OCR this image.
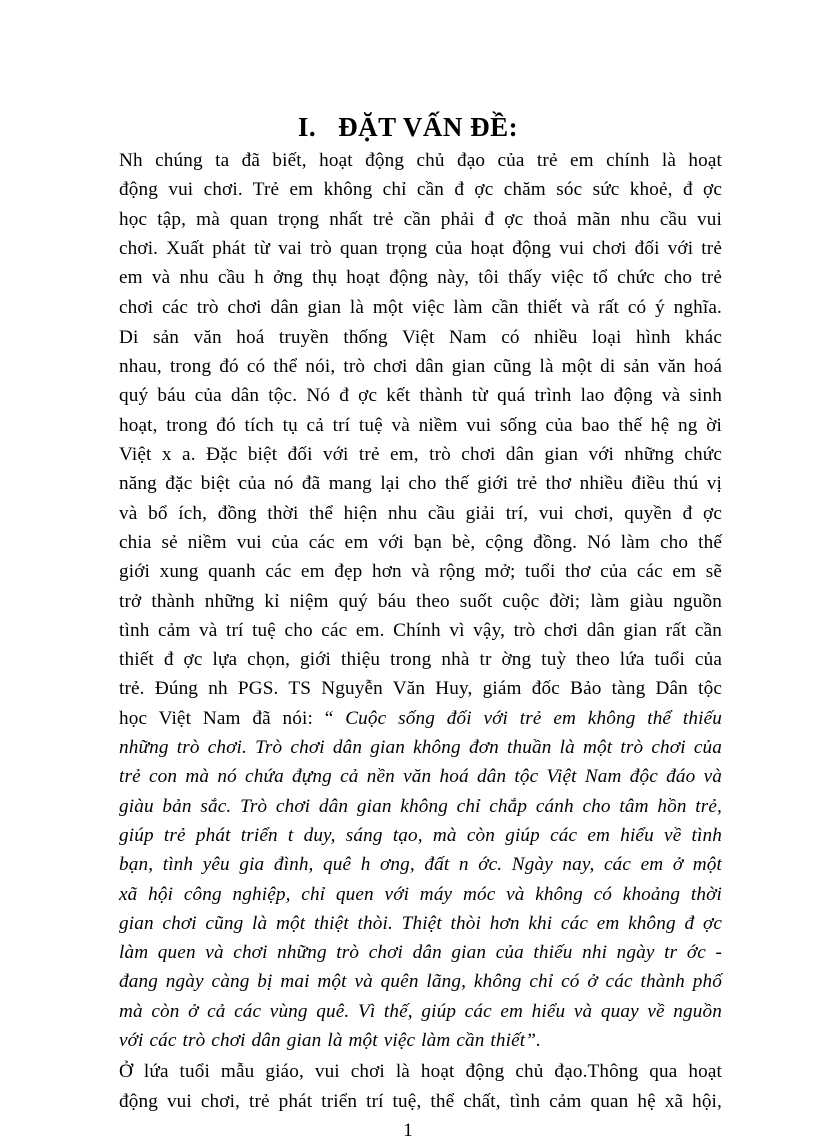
I. ĐẶT VẤN ĐỀ:
Nh chúng ta đã biết, hoạt động chủ đạo của trẻ em chính là hoạt
động vui chơi. Trẻ em không chỉ cần đ ợc chăm sóc sức khoẻ, đ ợc
học tập, mà quan trọng nhất trẻ cần phải đ ợc thoả mãn nhu cầu vui
chơi. Xuất phát từ vai trò quan trọng của hoạt động vui chơi đối với trẻ
em và nhu cầu h ởng thụ hoạt động này, tôi thấy việc tổ chức cho trẻ
chơi các trò chơi dân gian là một việc làm cần thiết và rất có ý nghĩa.
Di sản văn hoá truyền thống Việt Nam có nhiều loại hình khác
nhau, trong đó có thể nói, trò chơi dân gian cũng là một di sản văn hoá
quý báu của dân tộc. Nó đ ợc kết thành từ quá trình lao động và sinh
hoạt, trong đó tích tụ cả trí tuệ và niềm vui sống của bao thế hệ ng ời
Việt x a. Đặc biệt đối với trẻ em, trò chơi dân gian với những chức
năng đặc biệt của nó đã mang lại cho thế giới trẻ thơ nhiều điều thú vị
và bổ ích, đồng thời thể hiện nhu cầu giải trí, vui chơi, quyền đ ợc
chia sẻ niềm vui của các em với bạn bè, cộng đồng. Nó làm cho thế
giới xung quanh các em đẹp hơn và rộng mở; tuổi thơ của các em sẽ
trở thành những kỉ niệm quý báu theo suốt cuộc đời; làm giàu nguồn
tình cảm và trí tuệ cho các em. Chính vì vậy, trò chơi dân gian rất cần
thiết đ ợc lựa chọn, giới thiệu trong nhà tr ờng tuỳ theo lứa tuổi của
trẻ. Đúng nh PGS. TS Nguyễn Văn Huy, giám đốc Bảo tàng Dân tộc
học Việt Nam đã nói: “ Cuộc sống đối với trẻ em không thể thiếu
những trò chơi. Trò chơi dân gian không đơn thuần là một trò chơi của
trẻ con mà nó chứa đựng cả nền văn hoá dân tộc Việt Nam độc đáo và
giàu bản sắc. Trò chơi dân gian không chỉ chắp cánh cho tâm hồn trẻ,
giúp trẻ phát triển t duy, sáng tạo, mà còn giúp các em hiểu về tình
bạn, tình yêu gia đình, quê h ơng, đất n ớc. Ngày nay, các em ở một
xã hội công nghiệp, chỉ quen với máy móc và không có khoảng thời
gian chơi cũng là một thiệt thòi. Thiệt thòi hơn khi các em không đ ợc
làm quen và chơi những trò chơi dân gian của thiếu nhi ngày tr ớc -
đang ngày càng bị mai một và quên lãng, không chỉ có ở các thành phố
mà còn ở cả các vùng quê. Vì thế, giúp các em hiểu và quay về nguồn
với các trò chơi dân gian là một việc làm cần thiết”.
Ở lứa tuổi mẫu giáo, vui chơi là hoạt động chủ đạo.Thông qua hoạt
động vui chơi, trẻ phát triển trí tuệ, thể chất, tình cảm quan hệ xã hội,
1
